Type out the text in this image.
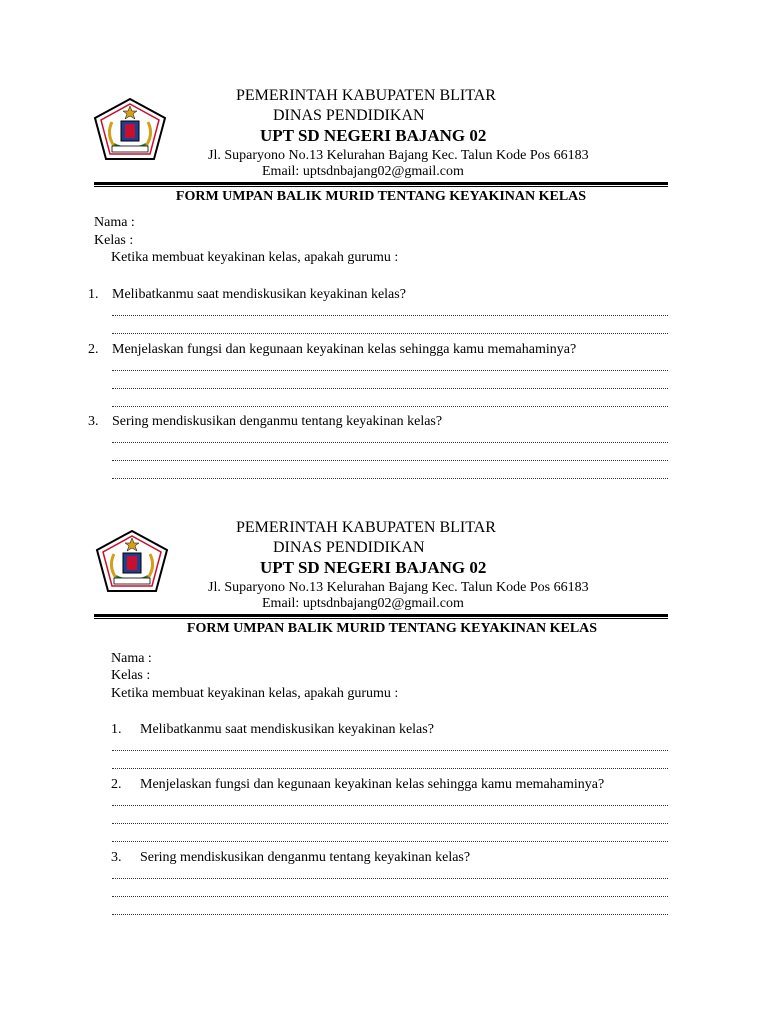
PEMERINTAH KABUPATEN BLITAR
DINAS PENDIDIKAN
UPT SD NEGERI BAJANG 02
Jl. Suparyono No.13 Kelurahan Bajang Kec. Talun Kode Pos 66183
Email: uptsdnbajang02@gmail.com
FORM UMPAN BALIK MURID TENTANG KEYAKINAN KELAS
Nama :
Kelas :
Ketika membuat keyakinan kelas, apakah gurumu :
1. Melibatkanmu saat mendiskusikan keyakinan kelas?
2. Menjelaskan fungsi dan kegunaan keyakinan kelas sehingga kamu memahaminya?
3. Sering mendiskusikan denganmu tentang keyakinan kelas?
PEMERINTAH KABUPATEN BLITAR
DINAS PENDIDIKAN
UPT SD NEGERI BAJANG 02
Jl. Suparyono No.13 Kelurahan Bajang Kec. Talun Kode Pos 66183
Email: uptsdnbajang02@gmail.com
FORM UMPAN BALIK MURID TENTANG KEYAKINAN KELAS
Nama :
Kelas :
Ketika membuat keyakinan kelas, apakah gurumu :
1. Melibatkanmu saat mendiskusikan keyakinan kelas?
2. Menjelaskan fungsi dan kegunaan keyakinan kelas sehingga kamu memahaminya?
3. Sering mendiskusikan denganmu tentang keyakinan kelas?
